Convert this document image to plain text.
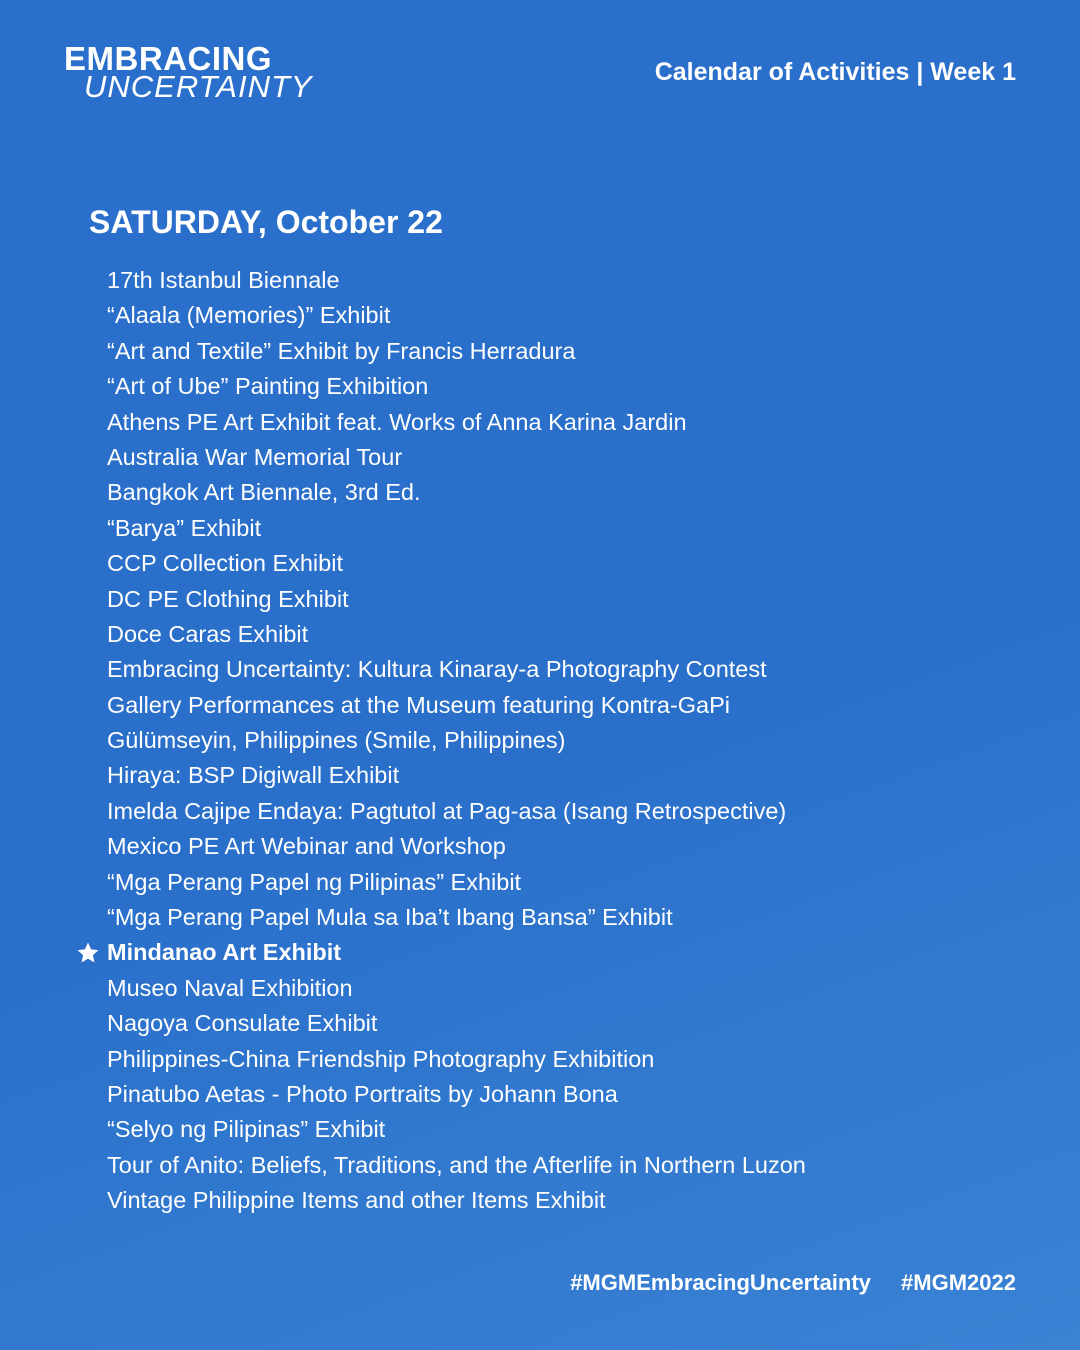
EMBRACING
UNCERTAINTY	Calendar of Activities | Week 1
SATURDAY, October 22
17th Istanbul Biennale
“Alaala (Memories)” Exhibit
“Art and Textile” Exhibit by Francis Herradura
“Art of Ube” Painting Exhibition
Athens PE Art Exhibit feat. Works of Anna Karina Jardin
Australia War Memorial Tour
Bangkok Art Biennale, 3rd Ed.
“Barya” Exhibit
CCP Collection Exhibit
DC PE Clothing Exhibit
Doce Caras Exhibit
Embracing Uncertainty: Kultura Kinaray-a Photography Contest
Gallery Performances at the Museum featuring Kontra-GaPi
Gülümseyin, Philippines (Smile, Philippines)
Hiraya: BSP Digiwall Exhibit
Imelda Cajipe Endaya: Pagtutol at Pag-asa (Isang Retrospective)
Mexico PE Art Webinar and Workshop
“Mga Perang Papel ng Pilipinas” Exhibit
“Mga Perang Papel Mula sa Iba’t Ibang Bansa” Exhibit
Mindanao Art Exhibit
Museo Naval Exhibition
Nagoya Consulate Exhibit
Philippines-China Friendship Photography Exhibition
Pinatubo Aetas - Photo Portraits by Johann Bona
“Selyo ng Pilipinas” Exhibit
Tour of Anito: Beliefs, Traditions, and the Afterlife in Northern Luzon
Vintage Philippine Items and other Items Exhibit
#MGMEmbracingUncertainty #MGM2022
